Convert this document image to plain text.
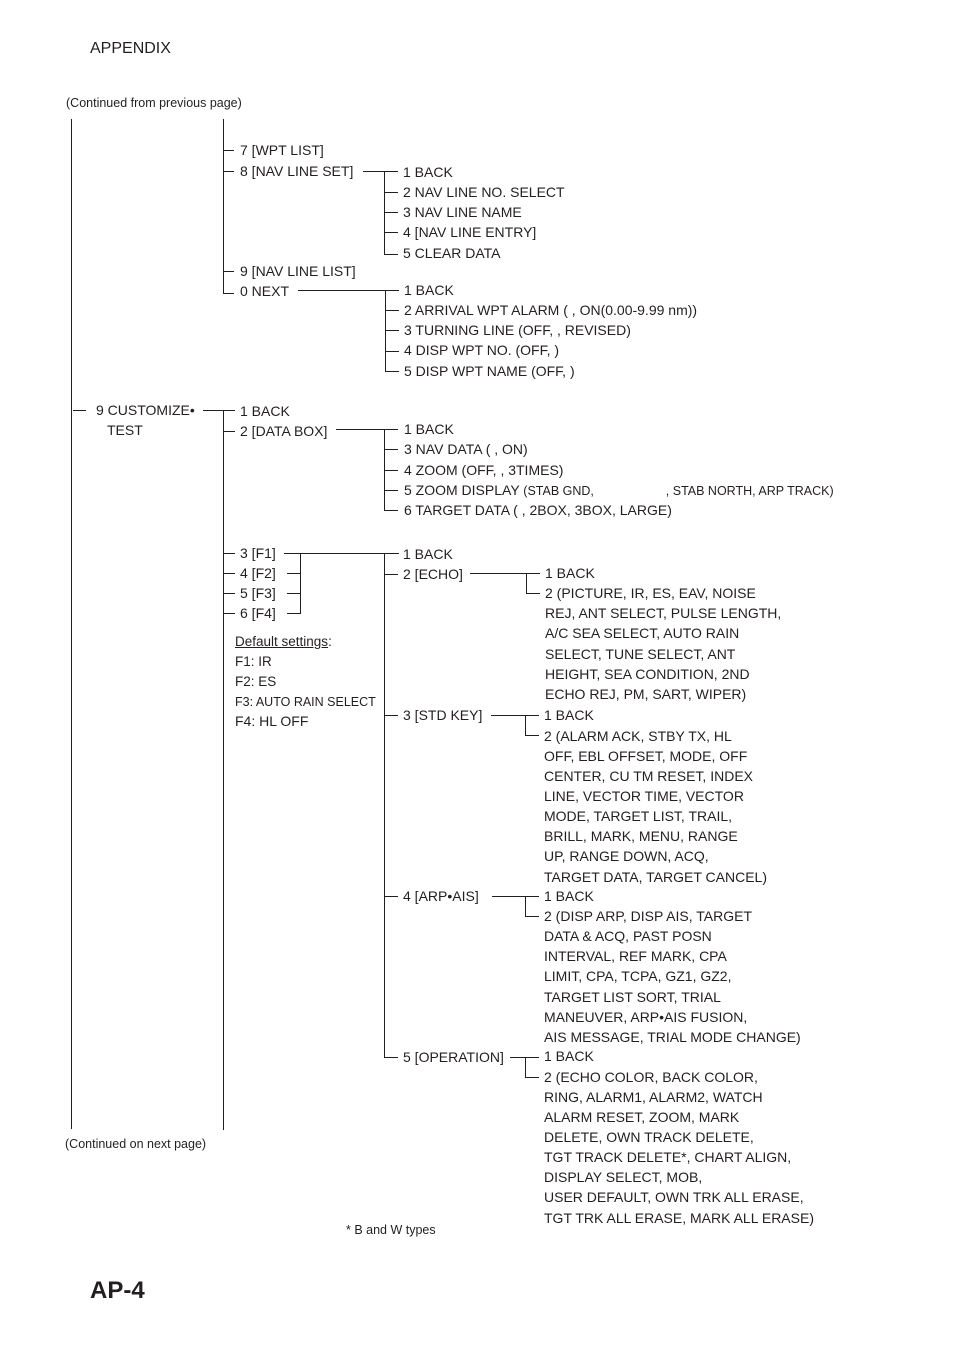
APPENDIX
(Continued from previous page)
(Continued on next page)
* B and W types
AP-4
7 [WPT LIST]
8 [NAV LINE SET]	1 BACK
2 NAV LINE NO. SELECT
3 NAV LINE NAME
4 [NAV LINE ENTRY]
5 CLEAR DATA
9 [NAV LINE LIST]
0 NEXT	1 BACK
2 ARRIVAL WPT ALARM ( , ON(0.00-9.99 nm))
3 TURNING LINE (OFF, , REVISED)
4 DISP WPT NO. (OFF, )
5 DISP WPT NAME (OFF, )
9 CUSTOMIZE•
TEST
1 BACK
2 [DATA BOX]	1 BACK
3 NAV DATA ( , ON)
4 ZOOM (OFF, , 3TIMES)
5 ZOOM DISPLAY (STAB GND,	, STAB NORTH, ARP TRACK)
6 TARGET DATA ( , 2BOX, 3BOX, LARGE)
3 [F1]
4 [F2]
5 [F3]
6 [F4]
Default settings:
F1: IR
F2: ES
F3: AUTO RAIN SELECT
F4: HL OFF
1 BACK
2 [ECHO]
3 [STD KEY]
4 [ARP•AIS]
5 [OPERATION]
1 BACK
2 (PICTURE, IR, ES, EAV, NOISE
REJ, ANT SELECT, PULSE LENGTH,
A/C SEA SELECT, AUTO RAIN
SELECT, TUNE SELECT, ANT
HEIGHT, SEA CONDITION, 2ND
ECHO REJ, PM, SART, WIPER)
1 BACK
2 (ALARM ACK, STBY TX, HL
OFF, EBL OFFSET, MODE, OFF
CENTER, CU TM RESET, INDEX
LINE, VECTOR TIME, VECTOR
MODE, TARGET LIST, TRAIL,
BRILL, MARK, MENU, RANGE
UP, RANGE DOWN, ACQ,
TARGET DATA, TARGET CANCEL)
1 BACK
2 (DISP ARP, DISP AIS, TARGET
DATA & ACQ, PAST POSN
INTERVAL, REF MARK, CPA
LIMIT, CPA, TCPA, GZ1, GZ2,
TARGET LIST SORT, TRIAL
MANEUVER, ARP•AIS FUSION,
AIS MESSAGE, TRIAL MODE CHANGE)
1 BACK
2 (ECHO COLOR, BACK COLOR,
RING, ALARM1, ALARM2, WATCH
ALARM RESET, ZOOM, MARK
DELETE, OWN TRACK DELETE,
TGT TRACK DELETE*, CHART ALIGN,
DISPLAY SELECT, MOB,
USER DEFAULT, OWN TRK ALL ERASE,
TGT TRK ALL ERASE, MARK ALL ERASE)
